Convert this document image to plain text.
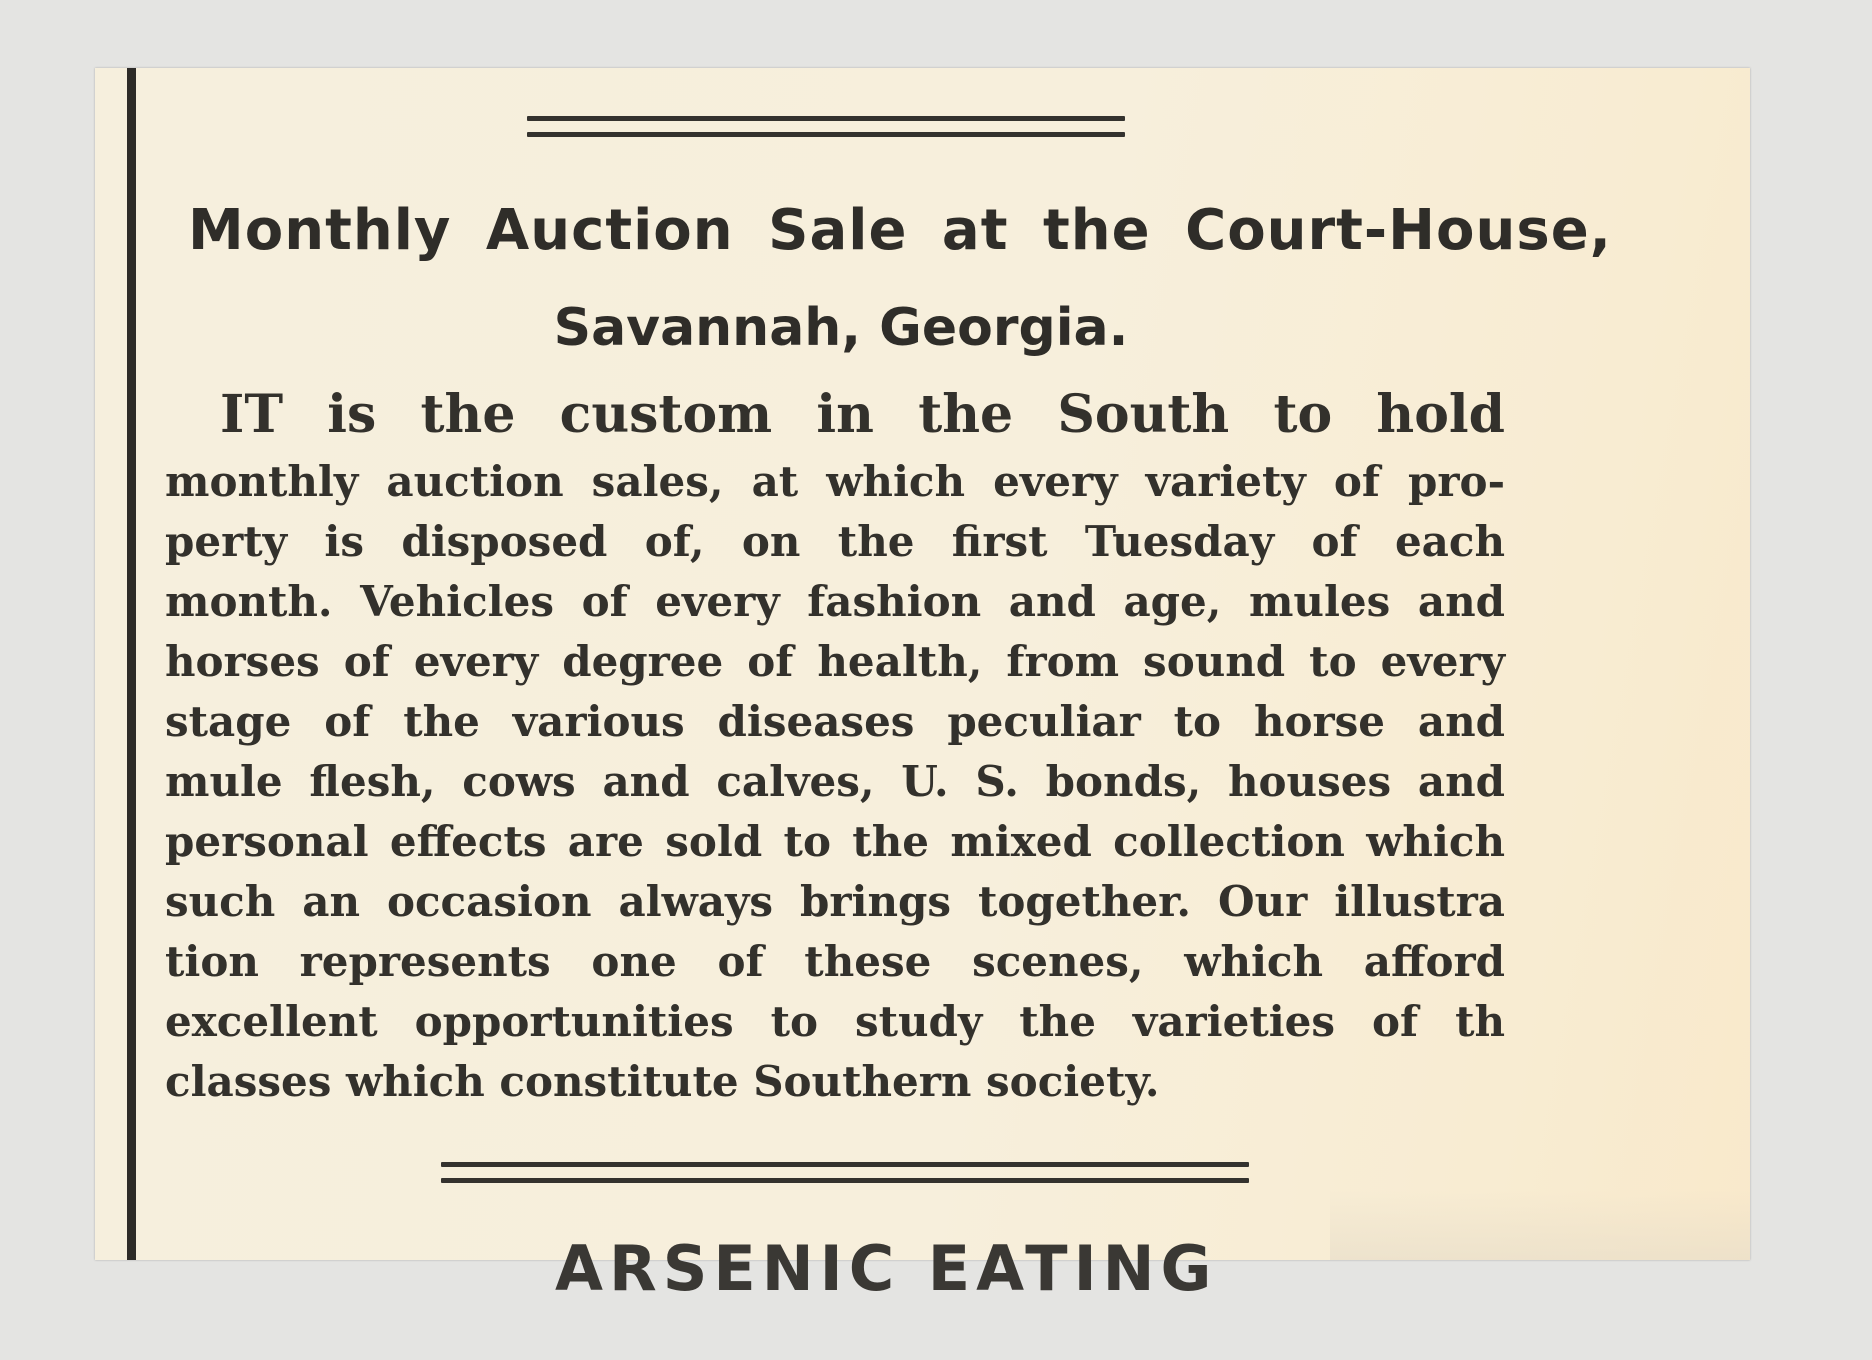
Monthly Auction Sale at the Court-House,
Savannah, Georgia.
IT is the custom in the South to hold
monthly auction sales, at which every variety of pro-
perty is disposed of, on the first Tuesday of each
month. Vehicles of every fashion and age, mules and
horses of every degree of health, from sound to every
stage of the various diseases peculiar to horse and
mule flesh, cows and calves, U. S. bonds, houses and
personal effects are sold to the mixed collection which
such an occasion always brings together. Our illustra
tion represents one of these scenes, which afford
excellent opportunities to study the varieties of th
classes which constitute Southern society.
ARSENIC EATING
